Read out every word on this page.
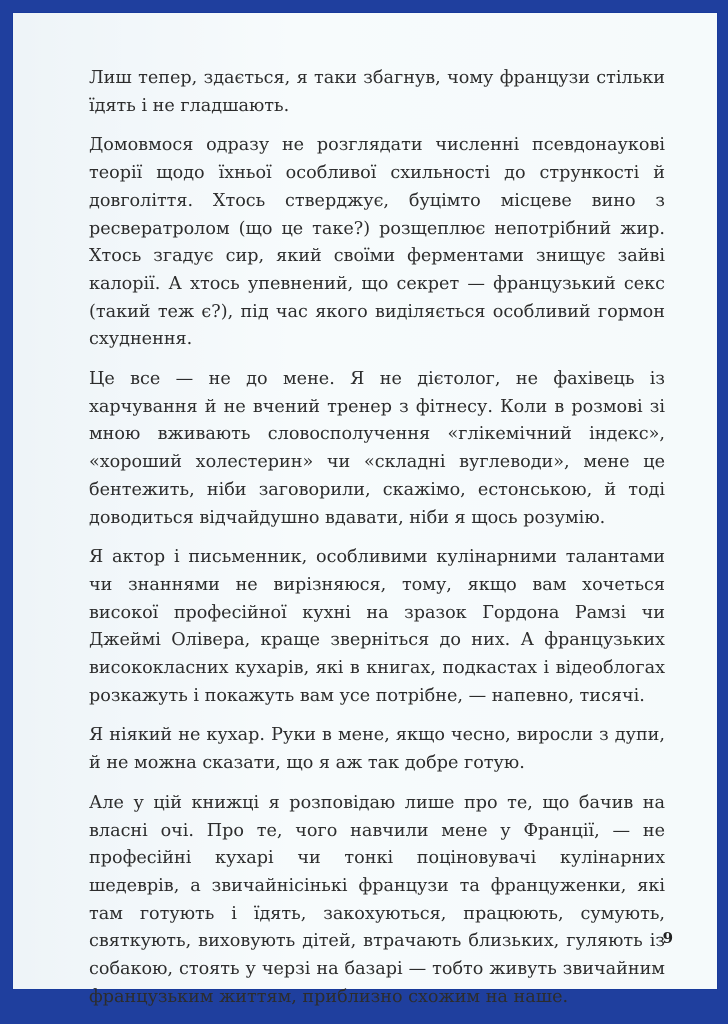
Лиш тепер, здається, я таки збагнув, чому французи стільки їдять і не гладшають.

Домовмося одразу не розглядати численні псевдонаукові теорії щодо їхньої особливої схильності до стрункості й довголіття. Хтось стверджує, буцімто місцеве вино з ресвератролом (що це таке?) розщеплює непотрібний жир. Хтось згадує сир, який своїми ферментами знищує зайві калорії. А хтось упевнений, що секрет — французький секс (такий теж є?), під час якого виділяється особливий гормон схуднення.

Це все — не до мене. Я не дієтолог, не фахівець із харчування й не вчений тренер з фітнесу. Коли в розмові зі мною вживають словосполучення «глікемічний індекс», «хороший холестерин» чи «складні вуглеводи», мене це бентежить, ніби заговорили, скажімо, естонською, й тоді доводиться відчайдушно вдавати, ніби я щось розумію.

Я актор і письменник, особливими кулінарними талантами чи знаннями не вирізняюся, тому, якщо вам хочеться високої професійної кухні на зразок Гордона Рамзі чи Джеймі Олівера, краще зверніться до них. А французьких висококласних кухарів, які в книгах, подкастах і відеоблогах розкажуть і покажуть вам усе потрібне, — напевно, тисячі.

Я ніякий не кухар. Руки в мене, якщо чесно, виросли з дупи, й не можна сказати, що я аж так добре готую.

Але у цій книжці я розповідаю лише про те, що бачив на власні очі. Про те, чого навчили мене у Франції, — не професійні кухарі чи тонкі поціновувачі кулінарних шедеврів, а звичайнісінькі французи та француженки, які там готують і їдять, закохуються, працюють, сумують, святкують, виховують дітей, втрачають близьких, гуляють із собакою, стоять у черзі на базарі — тобто живуть звичайним французьким життям, приблизно схожим на наше.

9
